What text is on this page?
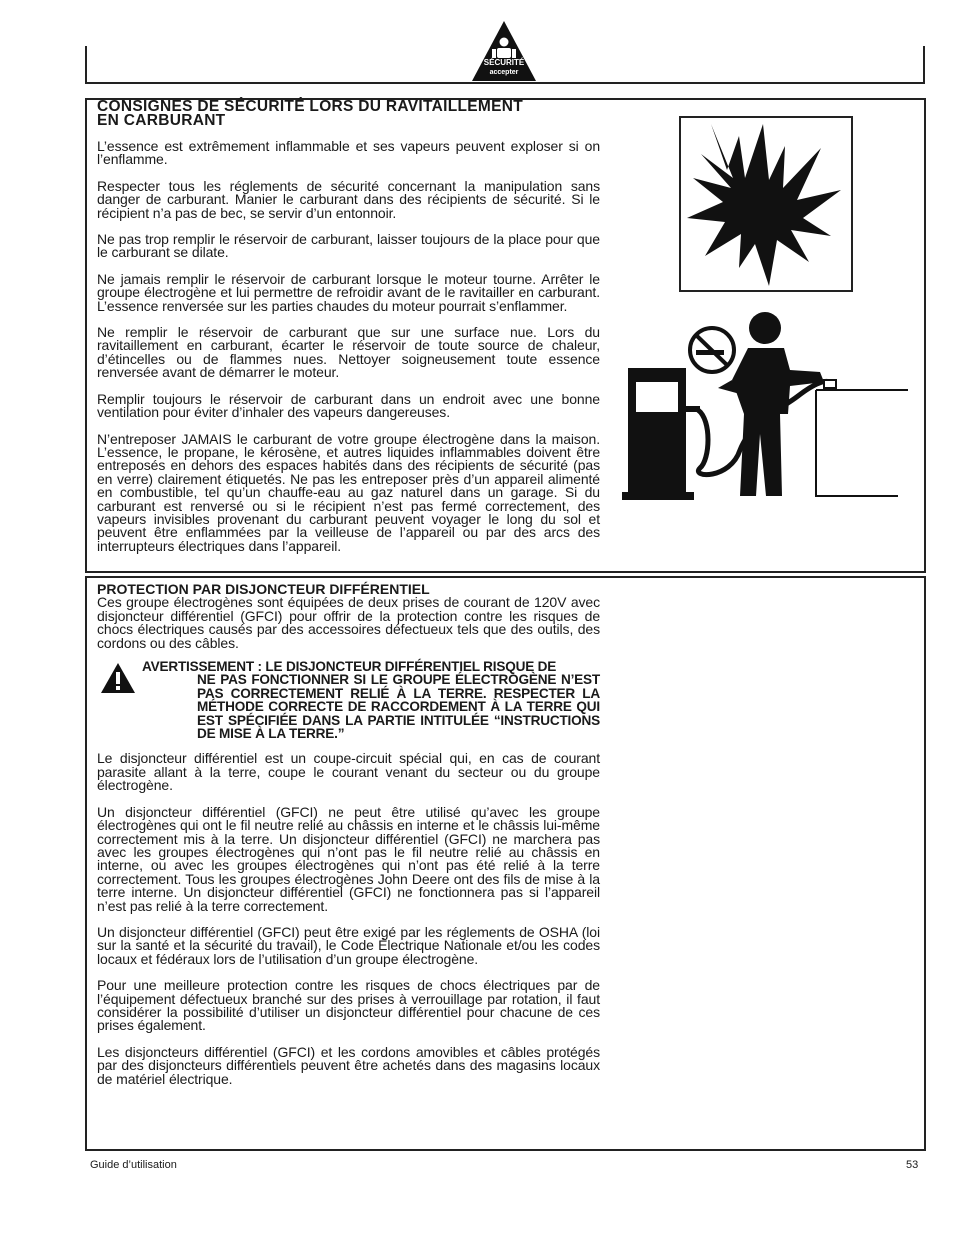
SÉCURITÉ
accepter

CONSIGNES DE SÉCURITÉ LORS DU RAVITAILLEMENT

EN CARBURANT

L’essence est extrêmement inflammable et ses vapeurs peuvent exploser si on l’enflamme.

Respecter tous les réglements de sécurité concernant la manipulation sans danger de carburant. Manier le carburant dans des récipients de sécurité. Si le récipient n’a pas de bec, se servir d’un entonnoir.

Ne pas trop remplir le réservoir de carburant, laisser toujours de la place pour que le carburant se dilate.

Ne jamais remplir le réservoir de carburant lorsque le moteur tourne. Arrêter le groupe électrogène et lui permettre de refroidir avant de le ravitailler en carburant. L’essence renversée sur les parties chaudes du moteur pourrait s’enflammer.

Ne remplir le réservoir de carburant que sur une surface nue. Lors du ravitaillement en carburant, écarter le réservoir de toute source de chaleur, d’étincelles ou de flammes nues. Nettoyer soigneusement toute essence renversée avant de démarrer le moteur.

Remplir toujours le réservoir de carburant dans un endroit avec une bonne ventilation pour éviter d’inhaler des vapeurs dangereuses.

N’entreposer JAMAIS le carburant de votre groupe électrogène dans la maison. L’essence, le propane, le kérosène, et autres liquides inflammables doivent être entreposés en dehors des espaces habités dans des récipients de sécurité (pas en verre) clairement étiquetés. Ne pas les entreposer près d’un appareil alimenté en combustible, tel qu’un chauffe-eau au gaz naturel dans un garage. Si du carburant est renversé ou si le récipient n’est pas fermé correctement, des vapeurs invisibles provenant du carburant peuvent voyager le long du sol et peuvent être enflammées par la veilleuse de l’appareil ou par des arcs des interrupteurs électriques dans l’appareil.

PROTECTION PAR DISJONCTEUR DIFFÉRENTIEL

Ces groupe électrogènes sont équipées de deux prises de courant de 120V avec disjoncteur différentiel (GFCI) pour offrir de la protection contre les risques de chocs électriques causés par des accessoires défectueux tels que des outils, des cordons ou des câbles.

AVERTISSEMENT : LE DISJONCTEUR DIFFÉRENTIEL RISQUE DE
NE PAS FONCTIONNER SI LE GROUPE ÉLECTROGÈNE N’EST PAS CORRECTEMENT RELIÉ À LA TERRE. RESPECTER LA MÉTHODE CORRECTE DE RACCORDEMENT À LA TERRE QUI EST SPÉCIFIÉE DANS LA PARTIE INTITULÉE “INSTRUCTIONS DE MISE À LA TERRE.”

Le disjoncteur différentiel est un coupe-circuit spécial qui, en cas de courant parasite allant à la terre, coupe le courant venant du secteur ou du groupe électrogène.

Un disjoncteur différentiel (GFCI) ne peut être utilisé qu’avec les groupe électrogènes qui ont le fil neutre relié au châssis en interne et le châssis lui-même correctement mis à la terre. Un disjoncteur différentiel (GFCI) ne marchera pas avec les groupes électrogènes qui n’ont pas le fil neutre relié au châssis en interne, ou avec les groupes électrogènes qui n’ont pas été relié à la terre correctement. Tous les groupes électrogènes John Deere ont des fils de mise à la terre interne. Un disjoncteur différentiel (GFCI) ne fonctionnera pas si l’appareil n’est pas relié à la terre correctement.

Un disjoncteur différentiel (GFCI) peut être exigé par les réglements de OSHA (loi sur la santé et la sécurité du travail), le Code Électrique Nationale et/ou les codes locaux et fédéraux lors de l’utilisation d’un groupe électrogène.

Pour une meilleure protection contre les risques de chocs électriques par de l’équipement défectueux branché sur des prises à verrouillage par rotation, il faut considérer la possibilité d’utiliser un disjoncteur différentiel pour chacune de ces prises également.

Les disjoncteurs différentiel (GFCI) et les cordons amovibles et câbles protégés par des disjoncteurs différentiels peuvent être achetés dans des magasins locaux de matériel électrique.

Guide d’utilisation	53
